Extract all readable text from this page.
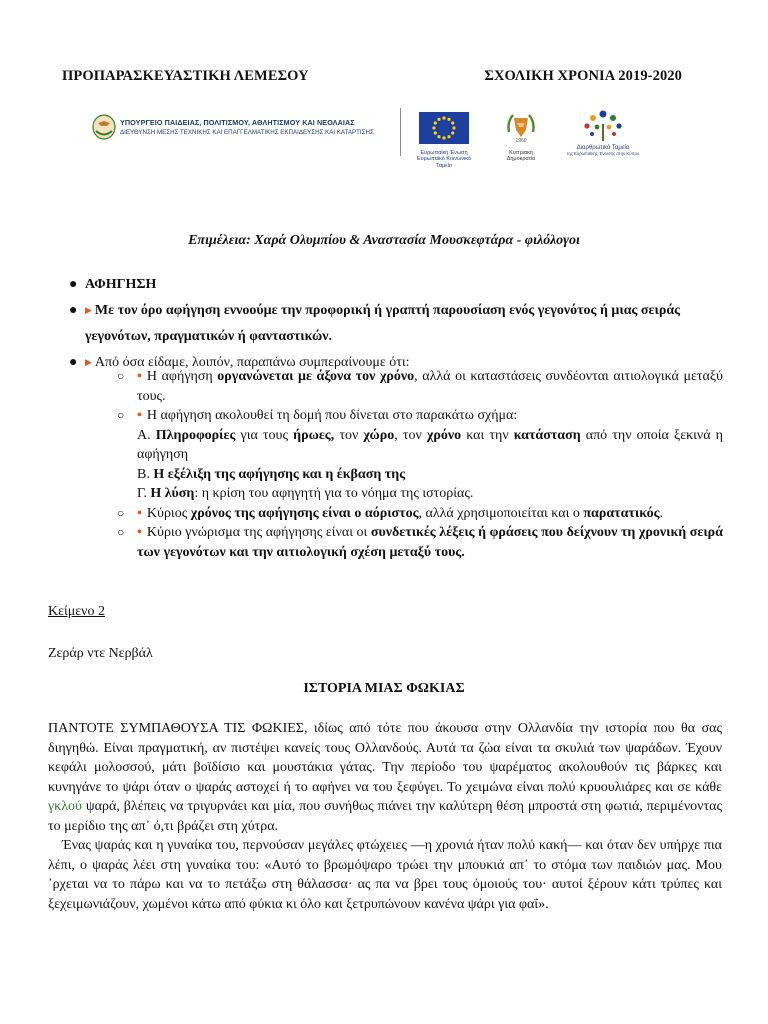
ΠΡΟΠΑΡΑΣΚΕΥΑΣΤΙΚΗ ΛΕΜΕΣΟΥ	ΣΧΟΛΙΚΗ ΧΡΟΝΙΑ 2019-2020
ΥΠΟΥΡΓΕΙΟ ΠΑΙΔΕΙΑΣ, ΠΟΛΙΤΙΣΜΟΥ, ΑΘΛΗΤΙΣΜΟΥ ΚΑΙ ΝΕΟΛΑΙΑΣ
ΔΙΕΥΘΥΝΣΗ ΜΕΣΗΣ ΤΕΧΝΙΚΗΣ ΚΑΙ ΕΠΑΓΓΕΛΜΑΤΙΚΗΣ ΕΚΠΑΙΔΕΥΣΗΣ ΚΑΙ ΚΑΤΑΡΤΙΣΗΣ
Ευρωπαϊκή Ένωση
Ευρωπαϊκό Κοινωνικό Ταμείο
1960
Κυπριακή Δημοκρατία
Διαρθρωτικά Ταμεία
της Ευρωπαϊκής Ένωσης στην Κύπρο
Επιμέλεια: Χαρά Ολυμπίου & Αναστασία Μουσκεφτάρα - φιλόλογοι
● ΑΦΗΓΗΣΗ
● ▶ Με τον όρο αφήγηση εννοούμε την προφορική ή γραπτή παρουσίαση ενός γεγονότος ή μιας σειράς γεγονότων, πραγματικών ή φανταστικών.
● ▶ Από όσα είδαμε, λοιπόν, παραπάνω συμπεραίνουμε ότι:
○ • Η αφήγηση οργανώνεται με άξονα τον χρόνο, αλλά οι καταστάσεις συνδέονται αιτιολογικά μεταξύ τους.
○ • Η αφήγηση ακολουθεί τη δομή που δίνεται στο παρακάτω σχήμα:
Α. Πληροφορίες για τους ήρωες, τον χώρο, τον χρόνο και την κατάσταση από την οποία ξεκινά η αφήγηση
Β. Η εξέλιξη της αφήγησης και η έκβαση της
Γ. Η λύση: η κρίση του αφηγητή για το νόημα της ιστορίας.
○ • Κύριος χρόνος της αφήγησης είναι ο αόριστος, αλλά χρησιμοποιείται και ο παρατατικός.
○ • Κύριο γνώρισμα της αφήγησης είναι οι συνδετικές λέξεις ή φράσεις που δείχνουν τη χρονική σειρά των γεγονότων και την αιτιολογική σχέση μεταξύ τους.
Κείμενο 2
Ζεράρ ντε Νερβάλ
ΙΣΤΟΡΙΑ ΜΙΑΣ ΦΩΚΙΑΣ

ΠΑΝΤΟΤΕ ΣΥΜΠΑΘΟΥΣΑ ΤΙΣ ΦΩΚΙΕΣ, ιδίως από τότε που άκουσα στην Ολλανδία την ιστορία που θα σας διηγηθώ. Είναι πραγματική, αν πιστέψει κανείς τους Ολλανδούς. Αυτά τα ζώα είναι τα σκυλιά των ψαράδων. Έχουν κεφάλι μολοσσού, μάτι βοϊδίσιο και μουστάκια γάτας. Την περίοδο του ψαρέματος ακολουθούν τις βάρκες και κυνηγάνε το ψάρι όταν ο ψαράς αστοχεί ή το αφήνει να του ξεφύγει. Το χειμώνα είναι πολύ κρυουλιάρες και σε κάθε γκλού ψαρά, βλέπεις να τριγυρνάει και μία, που συνήθως πιάνει την καλύτερη θέση μπροστά στη φωτιά, περιμένοντας το μερίδιο της απ᾽ ό,τι βράζει στη χύτρα.

Ένας ψαράς και η γυναίκα του, περνούσαν μεγάλες φτώχειες —η χρονιά ήταν πολύ κακή— και όταν δεν υπήρχε πια λέπι, ο ψαράς λέει στη γυναίκα του: «Αυτό το βρωμόψαρο τρώει την μπουκιά απ᾽ το στόμα των παιδιών μας. Μου ᾽ρχεται να το πάρω και να το πετάξω στη θάλασσα· ας πα να βρει τους όμοιούς του· αυτοί ξέρουν κάτι τρύπες και ξεχειμωνιάζουν, χωμένοι κάτω από φύκια κι όλο και ξετρυπώνουν κανένα ψάρι για φαΐ».
